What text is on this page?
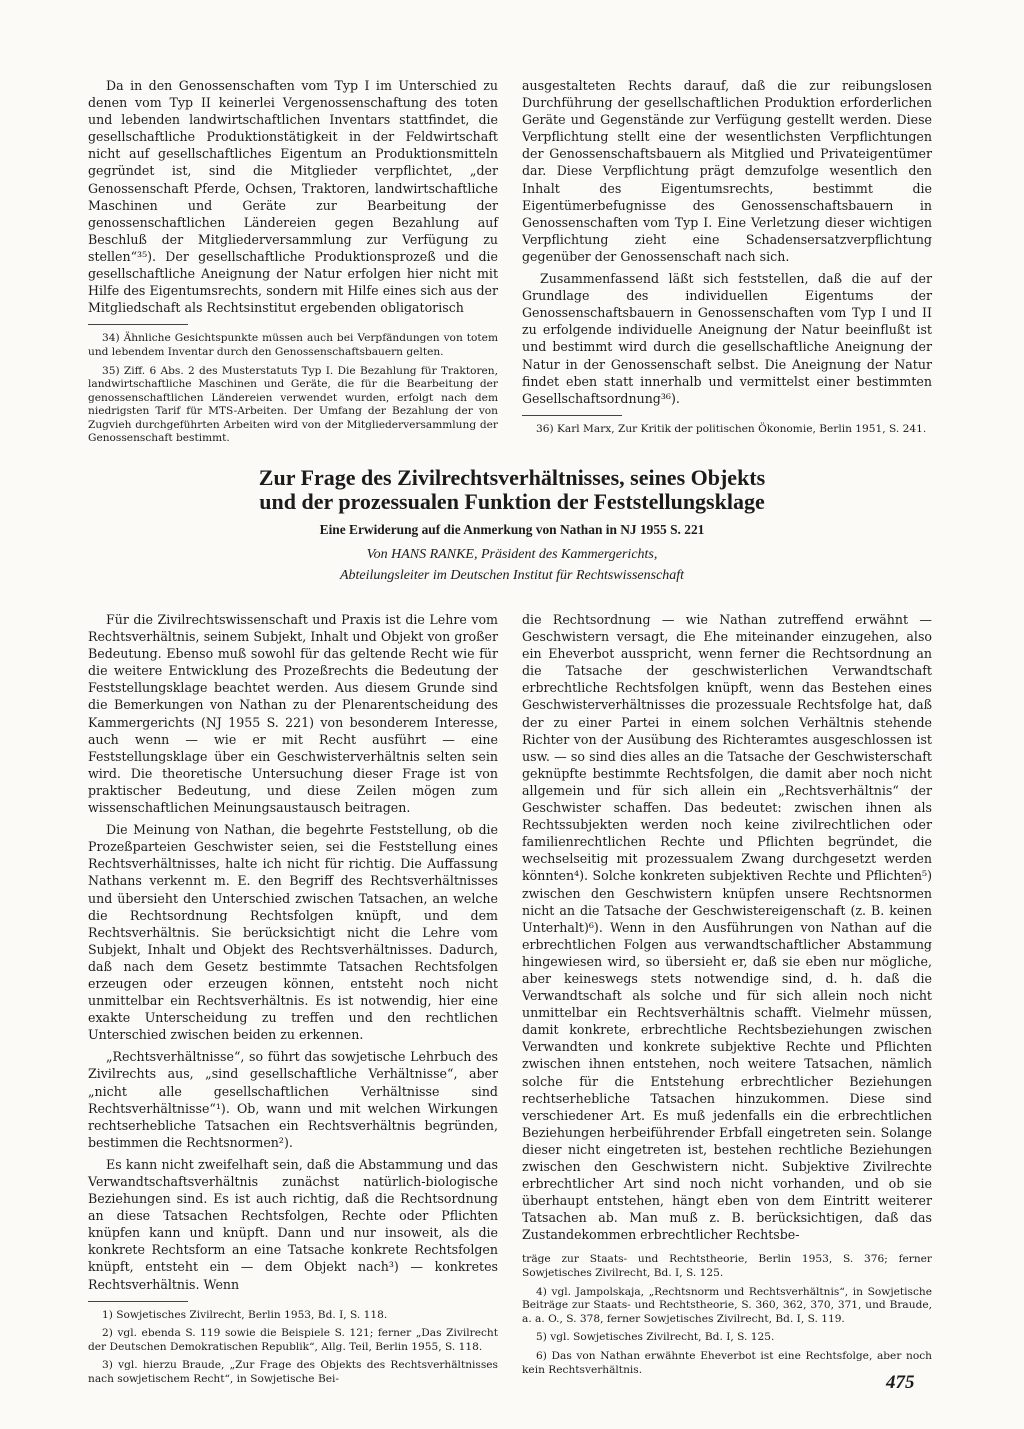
Da in den Genossenschaften vom Typ I im Unterschied zu denen vom Typ II keinerlei Vergenossenschaftung des toten und lebenden landwirtschaftlichen Inventars stattfindet, die gesellschaftliche Produktionstätigkeit in der Feldwirtschaft nicht auf gesellschaftliches Eigentum an Produktionsmitteln gegründet ist, sind die Mitglieder verpflichtet, „der Genossenschaft Pferde, Ochsen, Traktoren, landwirtschaftliche Maschinen und Geräte zur Bearbeitung der genossenschaftlichen Ländereien gegen Bezahlung auf Beschluß der Mitgliederversammlung zur Verfügung zu stellen“³⁵). Der gesellschaftliche Produktionsprozeß und die gesellschaftliche Aneignung der Natur erfolgen hier nicht mit Hilfe des Eigentumsrechts, sondern mit Hilfe eines sich aus der Mitgliedschaft als Rechtsinstitut ergebenden obligatorisch

34) Ähnliche Gesichtspunkte müssen auch bei Verpfändungen von totem und lebendem Inventar durch den Genossenschaftsbauern gelten.

35) Ziff. 6 Abs. 2 des Musterstatuts Typ I. Die Bezahlung für Traktoren, landwirtschaftliche Maschinen und Geräte, die für die Bearbeitung der genossenschaftlichen Ländereien verwendet wurden, erfolgt nach dem niedrigsten Tarif für MTS-Arbeiten. Der Umfang der Bezahlung der von Zugvieh durchgeführten Arbeiten wird von der Mitgliederversammlung der Genossenschaft bestimmt.

ausgestalteten Rechts darauf, daß die zur reibungslosen Durchführung der gesellschaftlichen Produktion erforderlichen Geräte und Gegenstände zur Verfügung gestellt werden. Diese Verpflichtung stellt eine der wesentlichsten Verpflichtungen der Genossenschaftsbauern als Mitglied und Privateigentümer dar. Diese Verpflichtung prägt demzufolge wesentlich den Inhalt des Eigentumsrechts, bestimmt die Eigentümerbefugnisse des Genossenschaftsbauern in Genossenschaften vom Typ I. Eine Verletzung dieser wichtigen Verpflichtung zieht eine Schadensersatzverpflichtung gegenüber der Genossenschaft nach sich.

Zusammenfassend läßt sich feststellen, daß die auf der Grundlage des individuellen Eigentums der Genossenschaftsbauern in Genossenschaften vom Typ I und II zu erfolgende individuelle Aneignung der Natur beeinflußt ist und bestimmt wird durch die gesellschaftliche Aneignung der Natur in der Genossenschaft selbst. Die Aneignung der Natur findet eben statt innerhalb und vermittelst einer bestimmten Gesellschaftsordnung³⁶).

36) Karl Marx, Zur Kritik der politischen Ökonomie, Berlin 1951, S. 241.

Zur Frage des Zivilrechtsverhältnisses, seines Objekts

und der prozessualen Funktion der Feststellungsklage

Eine Erwiderung auf die Anmerkung von Nathan in NJ 1955 S. 221

Von HANS RANKE, Präsident des Kammergerichts,

Abteilungsleiter im Deutschen Institut für Rechtswissenschaft

Für die Zivilrechtswissenschaft und Praxis ist die Lehre vom Rechtsverhältnis, seinem Subjekt, Inhalt und Objekt von großer Bedeutung. Ebenso muß sowohl für das geltende Recht wie für die weitere Entwicklung des Prozeßrechts die Bedeutung der Feststellungsklage beachtet werden. Aus diesem Grunde sind die Bemerkungen von Nathan zu der Plenarentscheidung des Kammergerichts (NJ 1955 S. 221) von besonderem Interesse, auch wenn — wie er mit Recht ausführt — eine Feststellungsklage über ein Geschwisterverhältnis selten sein wird. Die theoretische Untersuchung dieser Frage ist von praktischer Bedeutung, und diese Zeilen mögen zum wissenschaftlichen Meinungsaustausch beitragen.

Die Meinung von Nathan, die begehrte Feststellung, ob die Prozeßparteien Geschwister seien, sei die Feststellung eines Rechtsverhältnisses, halte ich nicht für richtig. Die Auffassung Nathans verkennt m. E. den Begriff des Rechtsverhältnisses und übersieht den Unterschied zwischen Tatsachen, an welche die Rechtsordnung Rechtsfolgen knüpft, und dem Rechtsverhältnis. Sie berücksichtigt nicht die Lehre vom Subjekt, Inhalt und Objekt des Rechtsverhältnisses. Dadurch, daß nach dem Gesetz bestimmte Tatsachen Rechtsfolgen erzeugen oder erzeugen können, entsteht noch nicht unmittelbar ein Rechtsverhältnis. Es ist notwendig, hier eine exakte Unterscheidung zu treffen und den rechtlichen Unterschied zwischen beiden zu erkennen.

„Rechtsverhältnisse“, so führt das sowjetische Lehrbuch des Zivilrechts aus, „sind gesellschaftliche Verhältnisse“, aber „nicht alle gesellschaftlichen Verhältnisse sind Rechtsverhältnisse“¹). Ob, wann und mit welchen Wirkungen rechtserhebliche Tatsachen ein Rechtsverhältnis begründen, bestimmen die Rechtsnormen²).

Es kann nicht zweifelhaft sein, daß die Abstammung und das Verwandtschaftsverhältnis zunächst natürlich-biologische Beziehungen sind. Es ist auch richtig, daß die Rechtsordnung an diese Tatsachen Rechtsfolgen, Rechte oder Pflichten knüpfen kann und knüpft. Dann und nur insoweit, als die konkrete Rechtsform an eine Tatsache konkrete Rechtsfolgen knüpft, entsteht ein — dem Objekt nach³) — konkretes Rechtsverhältnis. Wenn

1) Sowjetisches Zivilrecht, Berlin 1953, Bd. I, S. 118.

2) vgl. ebenda S. 119 sowie die Beispiele S. 121; ferner „Das Zivilrecht der Deutschen Demokratischen Republik“, Allg. Teil, Berlin 1955, S. 118.

3) vgl. hierzu Braude, „Zur Frage des Objekts des Rechtsverhältnisses nach sowjetischem Recht“, in Sowjetische Bei-

die Rechtsordnung — wie Nathan zutreffend erwähnt — Geschwistern versagt, die Ehe miteinander einzugehen, also ein Eheverbot ausspricht, wenn ferner die Rechtsordnung an die Tatsache der geschwisterlichen Verwandtschaft erbrechtliche Rechtsfolgen knüpft, wenn das Bestehen eines Geschwisterverhältnisses die prozessuale Rechtsfolge hat, daß der zu einer Partei in einem solchen Verhältnis stehende Richter von der Ausübung des Richteramtes ausgeschlossen ist usw. — so sind dies alles an die Tatsache der Geschwisterschaft geknüpfte bestimmte Rechtsfolgen, die damit aber noch nicht allgemein und für sich allein ein „Rechtsverhältnis“ der Geschwister schaffen. Das bedeutet: zwischen ihnen als Rechtssubjekten werden noch keine zivilrechtlichen oder familienrechtlichen Rechte und Pflichten begründet, die wechselseitig mit prozessualem Zwang durchgesetzt werden könnten⁴). Solche konkreten subjektiven Rechte und Pflichten⁵) zwischen den Geschwistern knüpfen unsere Rechtsnormen nicht an die Tatsache der Geschwistereigenschaft (z. B. keinen Unterhalt)⁶). Wenn in den Ausführungen von Nathan auf die erbrechtlichen Folgen aus verwandtschaftlicher Abstammung hingewiesen wird, so übersieht er, daß sie eben nur mögliche, aber keineswegs stets notwendige sind, d. h. daß die Verwandtschaft als solche und für sich allein noch nicht unmittelbar ein Rechtsverhältnis schafft. Vielmehr müssen, damit konkrete, erbrechtliche Rechtsbeziehungen zwischen Verwandten und konkrete subjektive Rechte und Pflichten zwischen ihnen entstehen, noch weitere Tatsachen, nämlich solche für die Entstehung erbrechtlicher Beziehungen rechtserhebliche Tatsachen hinzukommen. Diese sind verschiedener Art. Es muß jedenfalls ein die erbrechtlichen Beziehungen herbeiführender Erbfall eingetreten sein. Solange dieser nicht eingetreten ist, bestehen rechtliche Beziehungen zwischen den Geschwistern nicht. Subjektive Zivilrechte erbrechtlicher Art sind noch nicht vorhanden, und ob sie überhaupt entstehen, hängt eben von dem Eintritt weiterer Tatsachen ab. Man muß z. B. berücksichtigen, daß das Zustandekommen erbrechtlicher Rechtsbe-

träge zur Staats- und Rechtstheorie, Berlin 1953, S. 376; ferner Sowjetisches Zivilrecht, Bd. I, S. 125.

4) vgl. Jampolskaja, „Rechtsnorm und Rechtsverhältnis“, in Sowjetische Beiträge zur Staats- und Rechtstheorie, S. 360, 362, 370, 371, und Braude, a. a. O., S. 378, ferner Sowjetisches Zivilrecht, Bd. I, S. 119.

5) vgl. Sowjetisches Zivilrecht, Bd. I, S. 125.

6) Das von Nathan erwähnte Eheverbot ist eine Rechtsfolge, aber noch kein Rechtsverhältnis.

475
